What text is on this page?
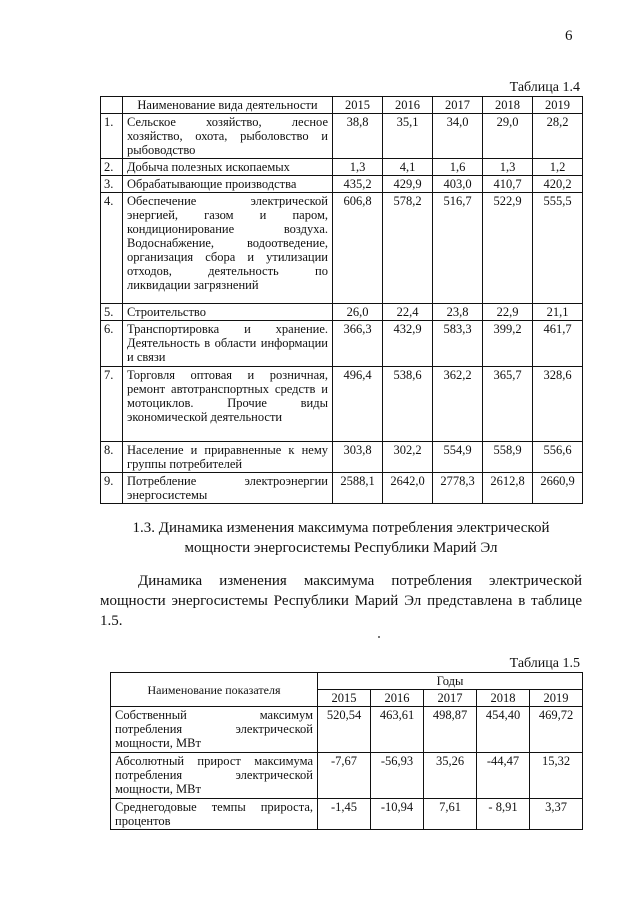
6
Таблица 1.4
	Наименование вида деятельности	2015	2016	2017	2018	2019
1.	Сельское хозяйство, лесное хозяйство, охота, рыболовство и рыбоводство	38,8	35,1	34,0	29,0	28,2
2.	Добыча полезных ископаемых	1,3	4,1	1,6	1,3	1,2
3.	Обрабатывающие производства	435,2	429,9	403,0	410,7	420,2
4.	Обеспечение электрической энергией, газом и паром, кондиционирование воздуха. Водоснабжение, водоотведение, организация сбора и утилизации отходов, деятельность по ликвидации загрязнений	606,8	578,2	516,7	522,9	555,5
5.	Строительство	26,0	22,4	23,8	22,9	21,1
6.	Транспортировка и хранение. Деятельность в области информации и связи	366,3	432,9	583,3	399,2	461,7
7.	Торговля оптовая и розничная, ремонт автотранспортных средств и мотоциклов. Прочие виды экономической деятельности	496,4	538,6	362,2	365,7	328,6
8.	Население и приравненные к нему группы потребителей	303,8	302,2	554,9	558,9	556,6
9.	Потребление электроэнергии энергосистемы	2588,1	2642,0	2778,3	2612,8	2660,9
1.3. Динамика изменения максимума потребления электрической мощности энергосистемы Республики Марий Эл

Динамика изменения максимума потребления электрической мощности энергосистемы Республики Марий Эл представлена в таблице 1.5.

Таблица 1.5
Наименование показателя	Годы				
	2015	2016	2017	2018	2019
Собственный максимум потребления электрической мощности, МВт	520,54	463,61	498,87	454,40	469,72
Абсолютный прирост максимума потребления электрической мощности, МВт	-7,67	-56,93	35,26	-44,47	15,32
Среднегодовые темпы прироста, процентов	-1,45	-10,94	7,61	- 8,91	3,37
